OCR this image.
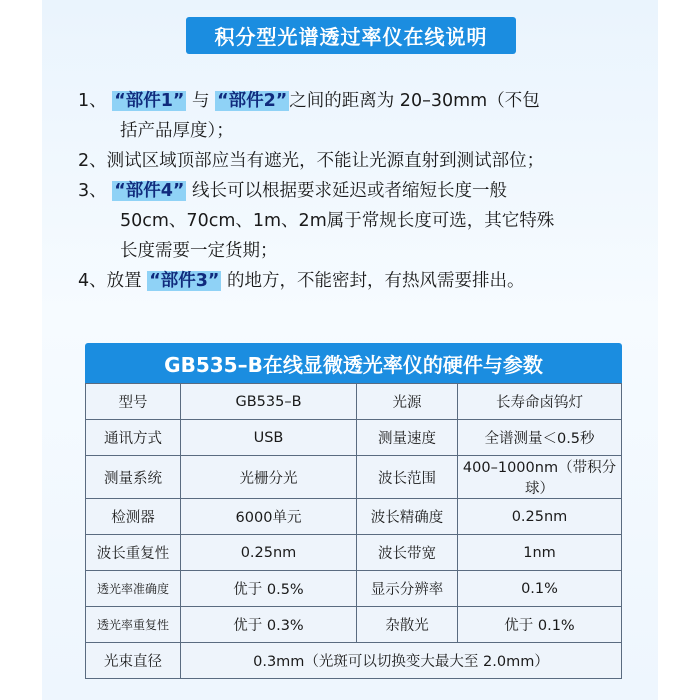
积分型光谱透过率仪在线说明

1、 “部件1” 与 “部件2” 之间的距离为 20–30mm（不包
括产品厚度）；

2、测试区域顶部应当有遮光，不能让光源直射到测试部位；

3、 “部件4” 线长可以根据要求延迟或者缩短长度一般
50cm、70cm、1m、2m属于常规长度可选，其它特殊
长度需要一定货期；

4、放置 “部件3” 的地方，不能密封，有热风需要排出。

GB535–B在线显微透光率仪的硬件与参数
型号	GB535–B	光源	长寿命卤钨灯
通讯方式	USB	测量速度	全谱测量＜0.5秒
测量系统	光栅分光	波长范围	400–1000nm（带积分球）
检测器	6000单元	波长精确度	0.25nm
波长重复性	0.25nm	波长带宽	1nm
透光率准确度	优于 0.5%	显示分辨率	0.1%
透光率重复性	优于 0.3%	杂散光	优于 0.1%
光束直径	0.3mm（光斑可以切换变大最大至 2.0mm）		
